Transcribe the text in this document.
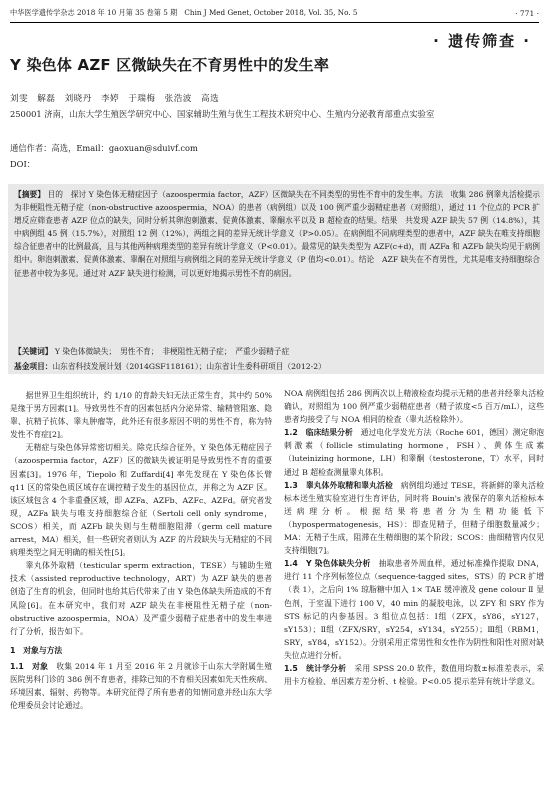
中华医学遗传学杂志 2018 年 10 月第 35 卷第 5 期　Chin J Med Genet, October 2018, Vol. 35, No. 5	· 771 ·
· 遗传筛查 ·
Y 染色体 AZF 区微缺失在不育男性中的发生率
刘雯　解磊　刘晓丹　李婷　于瑞梅　张浩波　高选
250001 济南，山东大学生殖医学研究中心、国家辅助生殖与优生工程技术研究中心、生殖内分泌教育部重点实验室
通信作者：高选，Email：gaoxuan@sduivf.com
DOI：
【摘要】 目的　探讨 Y 染色体无精症因子（azoospermia factor，AZF）区微缺失在不同类型的男性不育中的发生率。方法　收集 286 例睾丸活检提示为非梗阻性无精子症（non-obstructive azoospermia，NOA）的患者（病例组）以及 100 例严重少弱精症患者（对照组），通过 11 个位点的 PCR 扩增反应筛查患者 AZF 位点的缺失，同时分析其卵泡刺激素、促黄体激素、睾酮水平以及 B 超检查的结果。结果　共发现 AZF 缺失 57 例（14.8%），其中病例组 45 例（15.7%），对照组 12 例（12%），两组之间的差异无统计学意义（P>0.05）。在病例组不同病理类型的患者中，AZF 缺失在唯支持细胞综合征患者中的比例最高，且与其他两种病理类型的差异有统计学意义（P<0.01）。最常见的缺失类型为 AZF(c+d)，而 AZFa 和 AZFb 缺失均见于病例组中。卵泡刺激素、促黄体激素、睾酮在对照组与病例组之间的差异无统计学意义（P 值均<0.01）。结论　AZF 缺失在不育男性，尤其是唯支持细胞综合征患者中较为多见。通过对 AZF 缺失进行检测，可以更好地揭示男性不育的病因。
【关键词】 Y 染色体微缺失；　男性不育；　非梗阻性无精子症；　严重少弱精子症
基金项目：山东省科技发展计划（2014GSF118161）；山东省计生委科研项目（2012-2）

据世界卫生组织统计，约 1/10 的育龄夫妇无法正常生育，其中约 50% 是缘于男方因素[1]。导致男性不育的因素包括内分泌异常、输精管阻塞、隐睾、抗精子抗体、睾丸肿瘤等，此外还有很多原因不明的男性不育，称为特发性不育症[2]。

无精症与染色体异常密切相关。除克氏综合征外，Y 染色体无精症因子（azoospermia factor，AZF）区的微缺失被证明是导致男性不育的重要因素[3]。1976 年，Tiepolo 和 Zuffardi[4] 率先发现在 Y 染色体长臂 q11 区的常染色质区域存在调控精子发生的基因位点，并称之为 AZF 区。该区域包含 4 个非重叠区域，即 AZFa、AZFb、AZFc、AZFd。研究者发现，AZFa 缺失与唯支持细胞综合征（Sertoli cell only syndrome，SCOS）相关，而 AZFb 缺失则与生精细胞阻滞（germ cell mature arrest，MA）相关，但一些研究者则认为 AZF 的片段缺失与无精症的不同病理类型之间无明确的相关性[5]。

睾丸体外取精（testicular sperm extraction，TESE）与辅助生殖技术（assisted reproductive technology，ART）为 AZF 缺失的患者创造了生育的机会，但同时也给其后代带来了由 Y 染色体缺失所造成的不育风险[6]。在本研究中，我们对 AZF 缺失在非梗阻性无精子症（non-obstructive azoospermia，NOA）及严重少弱精子症患者中的发生率进行了分析，报告如下。

1　对象与方法

1.1　对象　收集 2014 年 1 月至 2016 年 2 月就诊于山东大学附属生殖医院男科门诊的 386 例不育患者，排除已知的不育相关因素如先天性疾病、环境因素、辐射、药物等。本研究征得了所有患者的知情同意并经山东大学伦理委员会讨论通过。

NOA 病例组包括 286 例两次以上精液检查均提示无精的患者并经睾丸活检确认，对照组为 100 例严重少弱精症患者（精子浓度<5 百万/mL），这些患者均接受了与 NOA 相同的检查（睾丸活检除外）。

1.2　临床结果分析　通过电化学发光方法（Roche 601，德国）测定卵泡刺激素（follicle stimulating hormone，FSH）、黄体生成素（luteinizing hormone，LH）和睾酮（testosterone，T）水平，同时通过 B 超检查测量睾丸体积。

1.3　睾丸体外取精和睾丸活检　病例组均通过 TESE，将新鲜的睾丸活检标本送生殖实验室进行生育评估，同时将 Bouin's 液保存的睾丸活检标本送病理分析。根据结果将患者分为生精功能低下（hypospermatogenesis，HS）：即查见精子，但精子细胞数量减少；MA：无精子生成，阻滞在生精细胞的某个阶段；SCOS：曲细精管内仅见支持细胞[7]。

1.4　Y 染色体缺失分析　抽取患者外周血样，通过标准操作提取 DNA，进行 11 个序列标签位点（sequence-tagged sites，STS）的 PCR 扩增（表 1），之后向 1% 琼脂糖中加入 1× TAE 缓冲液及 gene colour Ⅱ 显色剂，于室温下进行 100 V，40 min 的凝胶电泳，以 ZFY 和 SRY 作为 STS 标记的内参基因。3 组位点包括：Ⅰ组（ZFX，sY86，sY127，sY153）；Ⅱ组（ZFX/SRY，sY254，sY134，sY255）；Ⅲ组（RBM1，SRY，sY84，sY152）。分别采用正常男性和女性作为阴性和阳性对照对缺失位点进行分析。

1.5　统计学分析　采用 SPSS 20.0 软件，数值用均数±标准差表示，采用卡方检验、单因素方差分析、t 检验。P<0.05 提示差异有统计学意义。
